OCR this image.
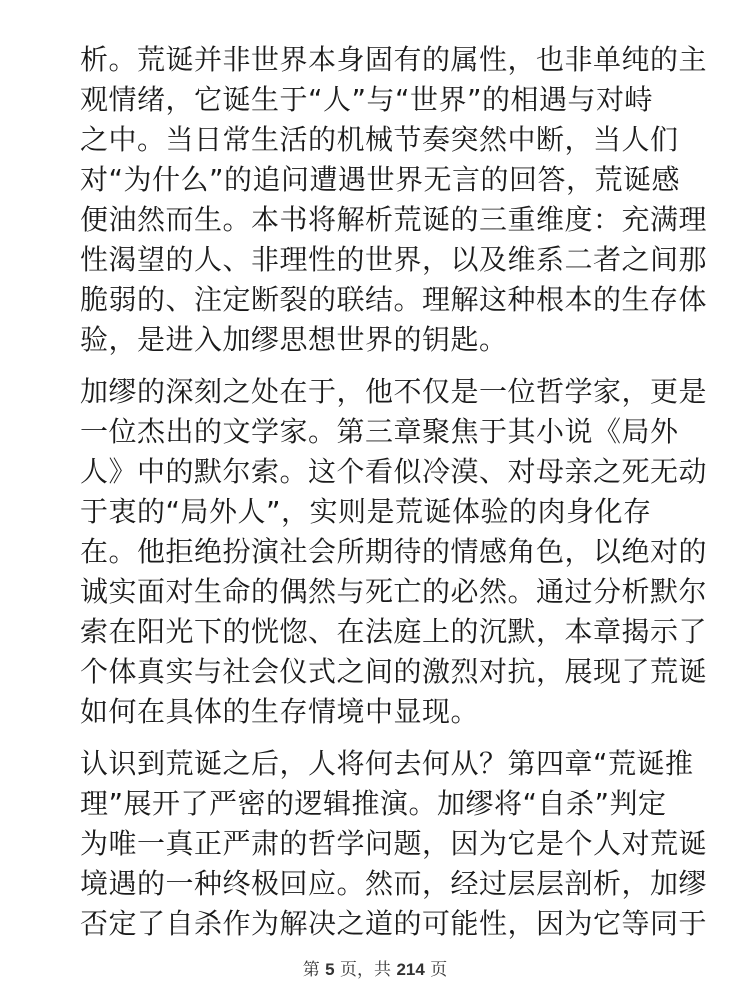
析。荒诞并非世界本身固有的属性，也非单纯的主
观情绪，它诞生于“人”与“世界”的相遇与对峙
之中。当日常生活的机械节奏突然中断，当人们
对“为什么”的追问遭遇世界无言的回答，荒诞感
便油然而生。本书将解析荒诞的三重维度：充满理
性渴望的人、非理性的世界，以及维系二者之间那
脆弱的、注定断裂的联结。理解这种根本的生存体
验，是进入加缪思想世界的钥匙。

加缪的深刻之处在于，他不仅是一位哲学家，更是
一位杰出的文学家。第三章聚焦于其小说《局外
人》中的默尔索。这个看似冷漠、对母亲之死无动
于衷的“局外人”，实则是荒诞体验的肉身化存
在。他拒绝扮演社会所期待的情感角色，以绝对的
诚实面对生命的偶然与死亡的必然。通过分析默尔
索在阳光下的恍惚、在法庭上的沉默，本章揭示了
个体真实与社会仪式之间的激烈对抗，展现了荒诞
如何在具体的生存情境中显现。

认识到荒诞之后，人将何去何从？第四章“荒诞推
理”展开了严密的逻辑推演。加缪将“自杀”判定
为唯一真正严肃的哲学问题，因为它是个人对荒诞
境遇的一种终极回应。然而，经过层层剖析，加缪
否定了自杀作为解决之道的可能性，因为它等同于

第 5 页，共 214 页
